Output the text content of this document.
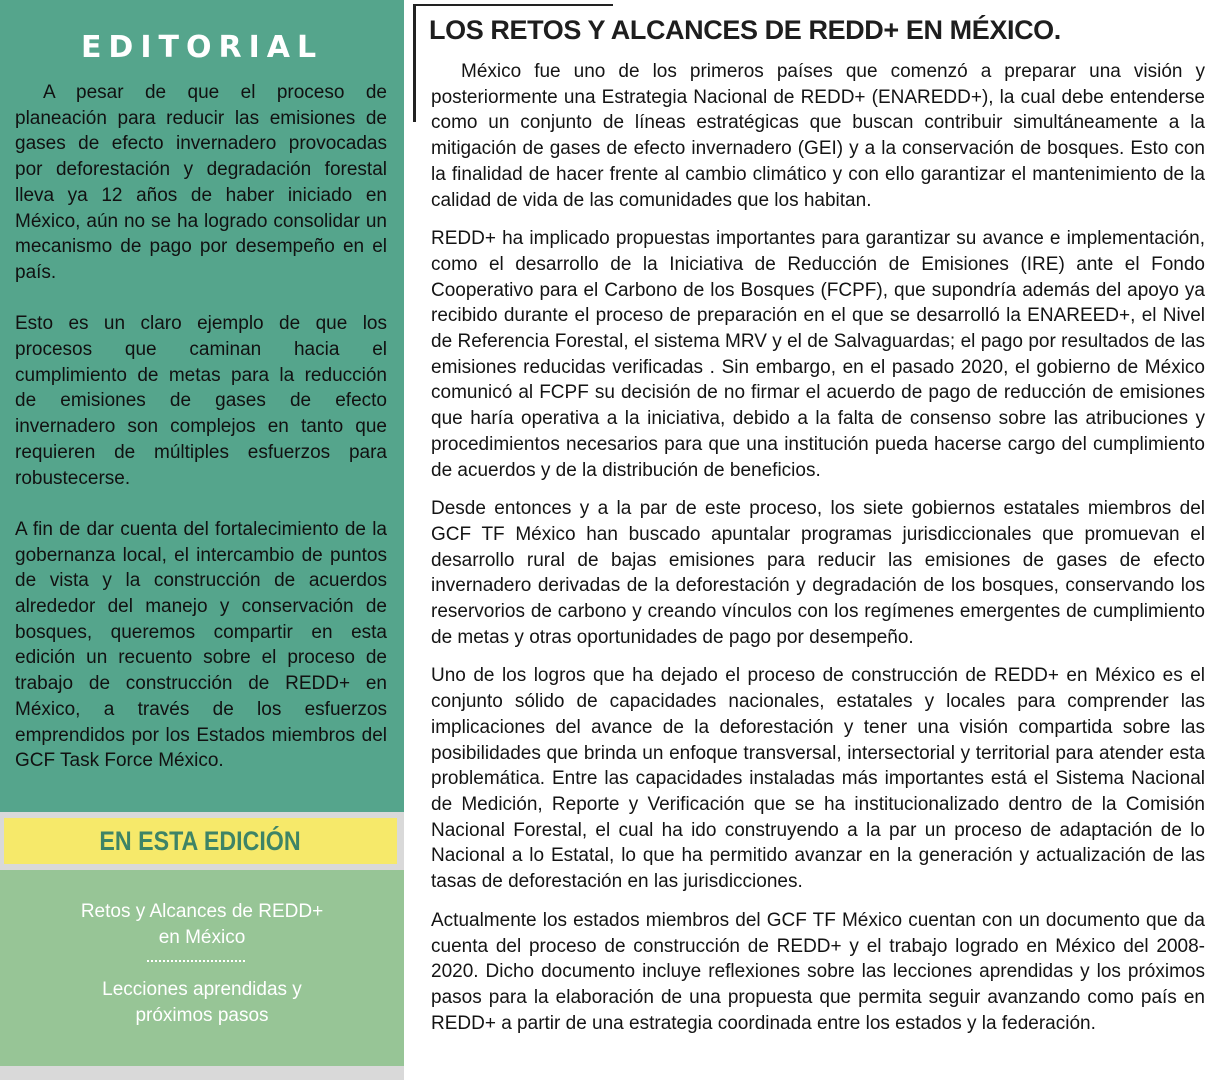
EDITORIAL

A pesar de que el proceso de planeación para reducir las emisiones de gases de efecto invernadero provocadas por deforestación y degradación forestal lleva ya 12 años de haber iniciado en México, aún no se ha logrado consolidar un mecanismo de pago por desempeño en el país.

Esto es un claro ejemplo de que los procesos que caminan hacia el cumplimiento de metas para la reducción de emisiones de gases de efecto invernadero son complejos en tanto que requieren de múltiples esfuerzos para robustecerse.

A fin de dar cuenta del fortalecimiento de la gobernanza local, el intercambio de puntos de vista y la construcción de acuerdos alrededor del manejo y conservación de bosques, queremos compartir en esta edición un recuento sobre el proceso de trabajo de construcción de REDD+ en México, a través de los esfuerzos emprendidos por los Estados miembros del GCF Task Force México.

EN ESTA EDICIÓN
Retos y Alcances de REDD+
en México
Lecciones aprendidas y
próximos pasos
LOS RETOS Y ALCANCES DE REDD+ EN MÉXICO.

México fue uno de los primeros países que comenzó a preparar una visión y posteriormente una Estrategia Nacional de REDD+ (ENAREDD+), la cual debe entenderse como un conjunto de líneas estratégicas que buscan contribuir simultáneamente a la mitigación de gases de efecto invernadero (GEI) y a la conservación de bosques. Esto con la finalidad de hacer frente al cambio climático y con ello garantizar el mantenimiento de la calidad de vida de las comunidades que los habitan.

REDD+ ha implicado propuestas importantes para garantizar su avance e implementación, como el desarrollo de la Iniciativa de Reducción de Emisiones (IRE) ante el Fondo Cooperativo para el Carbono de los Bosques (FCPF), que supondría además del apoyo ya recibido durante el proceso de preparación en el que se desarrolló la ENAREED+, el Nivel de Referencia Forestal, el sistema MRV y el de Salvaguardas; el pago por resultados de las emisiones reducidas verificadas . Sin embargo, en el pasado 2020, el gobierno de México comunicó al FCPF su decisión de no firmar el acuerdo de pago de reducción de emisiones que haría operativa a la iniciativa, debido a la falta de consenso sobre las atribuciones y procedimientos necesarios para que una institución pueda hacerse cargo del cumplimiento de acuerdos y de la distribución de beneficios.

Desde entonces y a la par de este proceso, los siete gobiernos estatales miembros del GCF TF México han buscado apuntalar programas jurisdiccionales que promuevan el desarrollo rural de bajas emisiones para reducir las emisiones de gases de efecto invernadero derivadas de la deforestación y degradación de los bosques, conservando los reservorios de carbono y creando vínculos con los regímenes emergentes de cumplimiento de metas y otras oportunidades de pago por desempeño.

Uno de los logros que ha dejado el proceso de construcción de REDD+ en México es el conjunto sólido de capacidades nacionales, estatales y locales para comprender las implicaciones del avance de la deforestación y tener una visión compartida sobre las posibilidades que brinda un enfoque transversal, intersectorial y territorial para atender esta problemática. Entre las capacidades instaladas más importantes está el Sistema Nacional de Medición, Reporte y Verificación que se ha institucionalizado dentro de la Comisión Nacional Forestal, el cual ha ido construyendo a la par un proceso de adaptación de lo Nacional a lo Estatal, lo que ha permitido avanzar en la generación y actualización de las tasas de deforestación en las jurisdicciones.

Actualmente los estados miembros del GCF TF México cuentan con un documento que da cuenta del proceso de construcción de REDD+ y el trabajo logrado en México del 2008-2020. Dicho documento incluye reflexiones sobre las lecciones aprendidas y los próximos pasos para la elaboración de una propuesta que permita seguir avanzando como país en REDD+ a partir de una estrategia coordinada entre los estados y la federación.
